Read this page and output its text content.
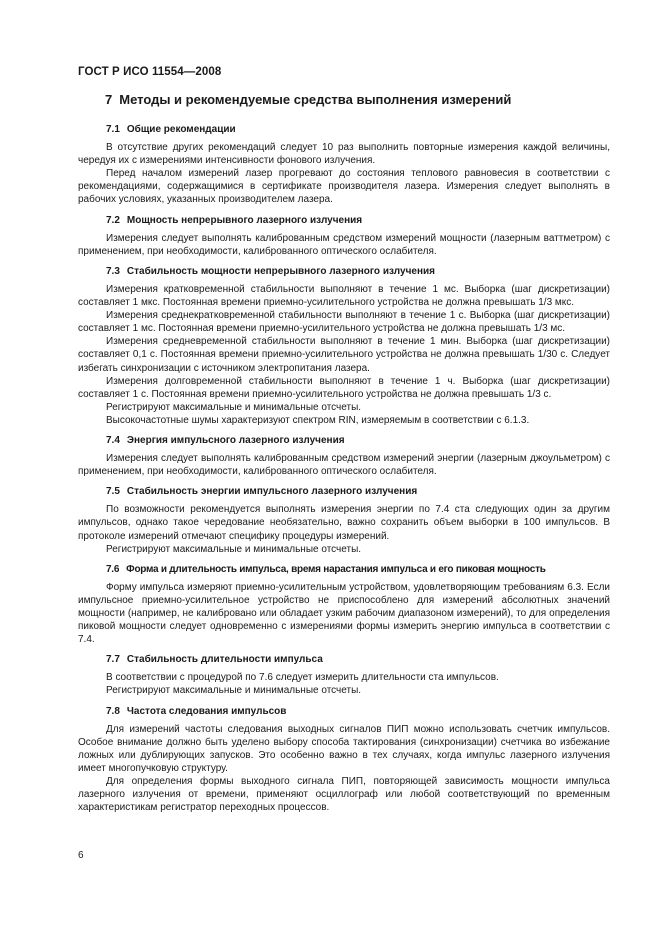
ГОСТ Р ИСО 11554—2008
7 Методы и рекомендуемые средства выполнения измерений
7.1 Общие рекомендации

В отсутствие других рекомендаций следует 10 раз выполнить повторные измерения каждой величины, чередуя их с измерениями интенсивности фонового излучения.

Перед началом измерений лазер прогревают до состояния теплового равновесия в соответствии с рекомендациями, содержащимися в сертификате производителя лазера. Измерения следует выполнять в рабочих условиях, указанных производителем лазера.

7.2 Мощность непрерывного лазерного излучения

Измерения следует выполнять калиброванным средством измерений мощности (лазерным ваттметром) с применением, при необходимости, калиброванного оптического ослабителя.

7.3 Стабильность мощности непрерывного лазерного излучения

Измерения кратковременной стабильности выполняют в течение 1 мс. Выборка (шаг дискретизации) составляет 1 мкс. Постоянная времени приемно-усилительного устройства не должна превышать 1/3 мкс.

Измерения среднекратковременной стабильности выполняют в течение 1 с. Выборка (шаг дискретизации) составляет 1 мс. Постоянная времени приемно-усилительного устройства не должна превышать 1/3 мс.

Измерения средневременной стабильности выполняют в течение 1 мин. Выборка (шаг дискретизации) составляет 0,1 с. Постоянная времени приемно-усилительного устройства не должна превышать 1/30 с. Следует избегать синхронизации с источником электропитания лазера.

Измерения долговременной стабильности выполняют в течение 1 ч. Выборка (шаг дискретизации) составляет 1 с. Постоянная времени приемно-усилительного устройства не должна превышать 1/3 с.

Регистрируют максимальные и минимальные отсчеты.

Высокочастотные шумы характеризуют спектром RIN, измеряемым в соответствии с 6.1.3.

7.4 Энергия импульсного лазерного излучения

Измерения следует выполнять калиброванным средством измерений энергии (лазерным джоульметром) с применением, при необходимости, калиброванного оптического ослабителя.

7.5 Стабильность энергии импульсного лазерного излучения

По возможности рекомендуется выполнять измерения энергии по 7.4 ста следующих один за другим импульсов, однако такое чередование необязательно, важно сохранить объем выборки в 100 импульсов. В протоколе измерений отмечают специфику процедуры измерений.

Регистрируют максимальные и минимальные отсчеты.

7.6 Форма и длительность импульса, время нарастания импульса и его пиковая мощность

Форму импульса измеряют приемно-усилительным устройством, удовлетворяющим требованиям 6.3. Если импульсное приемно-усилительное устройство не приспособлено для измерений абсолютных значений мощности (например, не калибровано или обладает узким рабочим диапазоном измерений), то для определения пиковой мощности следует одновременно с измерениями формы измерить энергию импульса в соответствии с 7.4.

7.7 Стабильность длительности импульса

В соответствии с процедурой по 7.6 следует измерить длительности ста импульсов.

Регистрируют максимальные и минимальные отсчеты.

7.8 Частота следования импульсов

Для измерений частоты следования выходных сигналов ПИП можно использовать счетчик импульсов. Особое внимание должно быть уделено выбору способа тактирования (синхронизации) счетчика во избежание ложных или дублирующих запусков. Это особенно важно в тех случаях, когда импульс лазерного излучения имеет многопучковую структуру.

Для определения формы выходного сигнала ПИП, повторяющей зависимость мощности импульса лазерного излучения от времени, применяют осциллограф или любой соответствующий по временным характеристикам регистратор переходных процессов.

6
